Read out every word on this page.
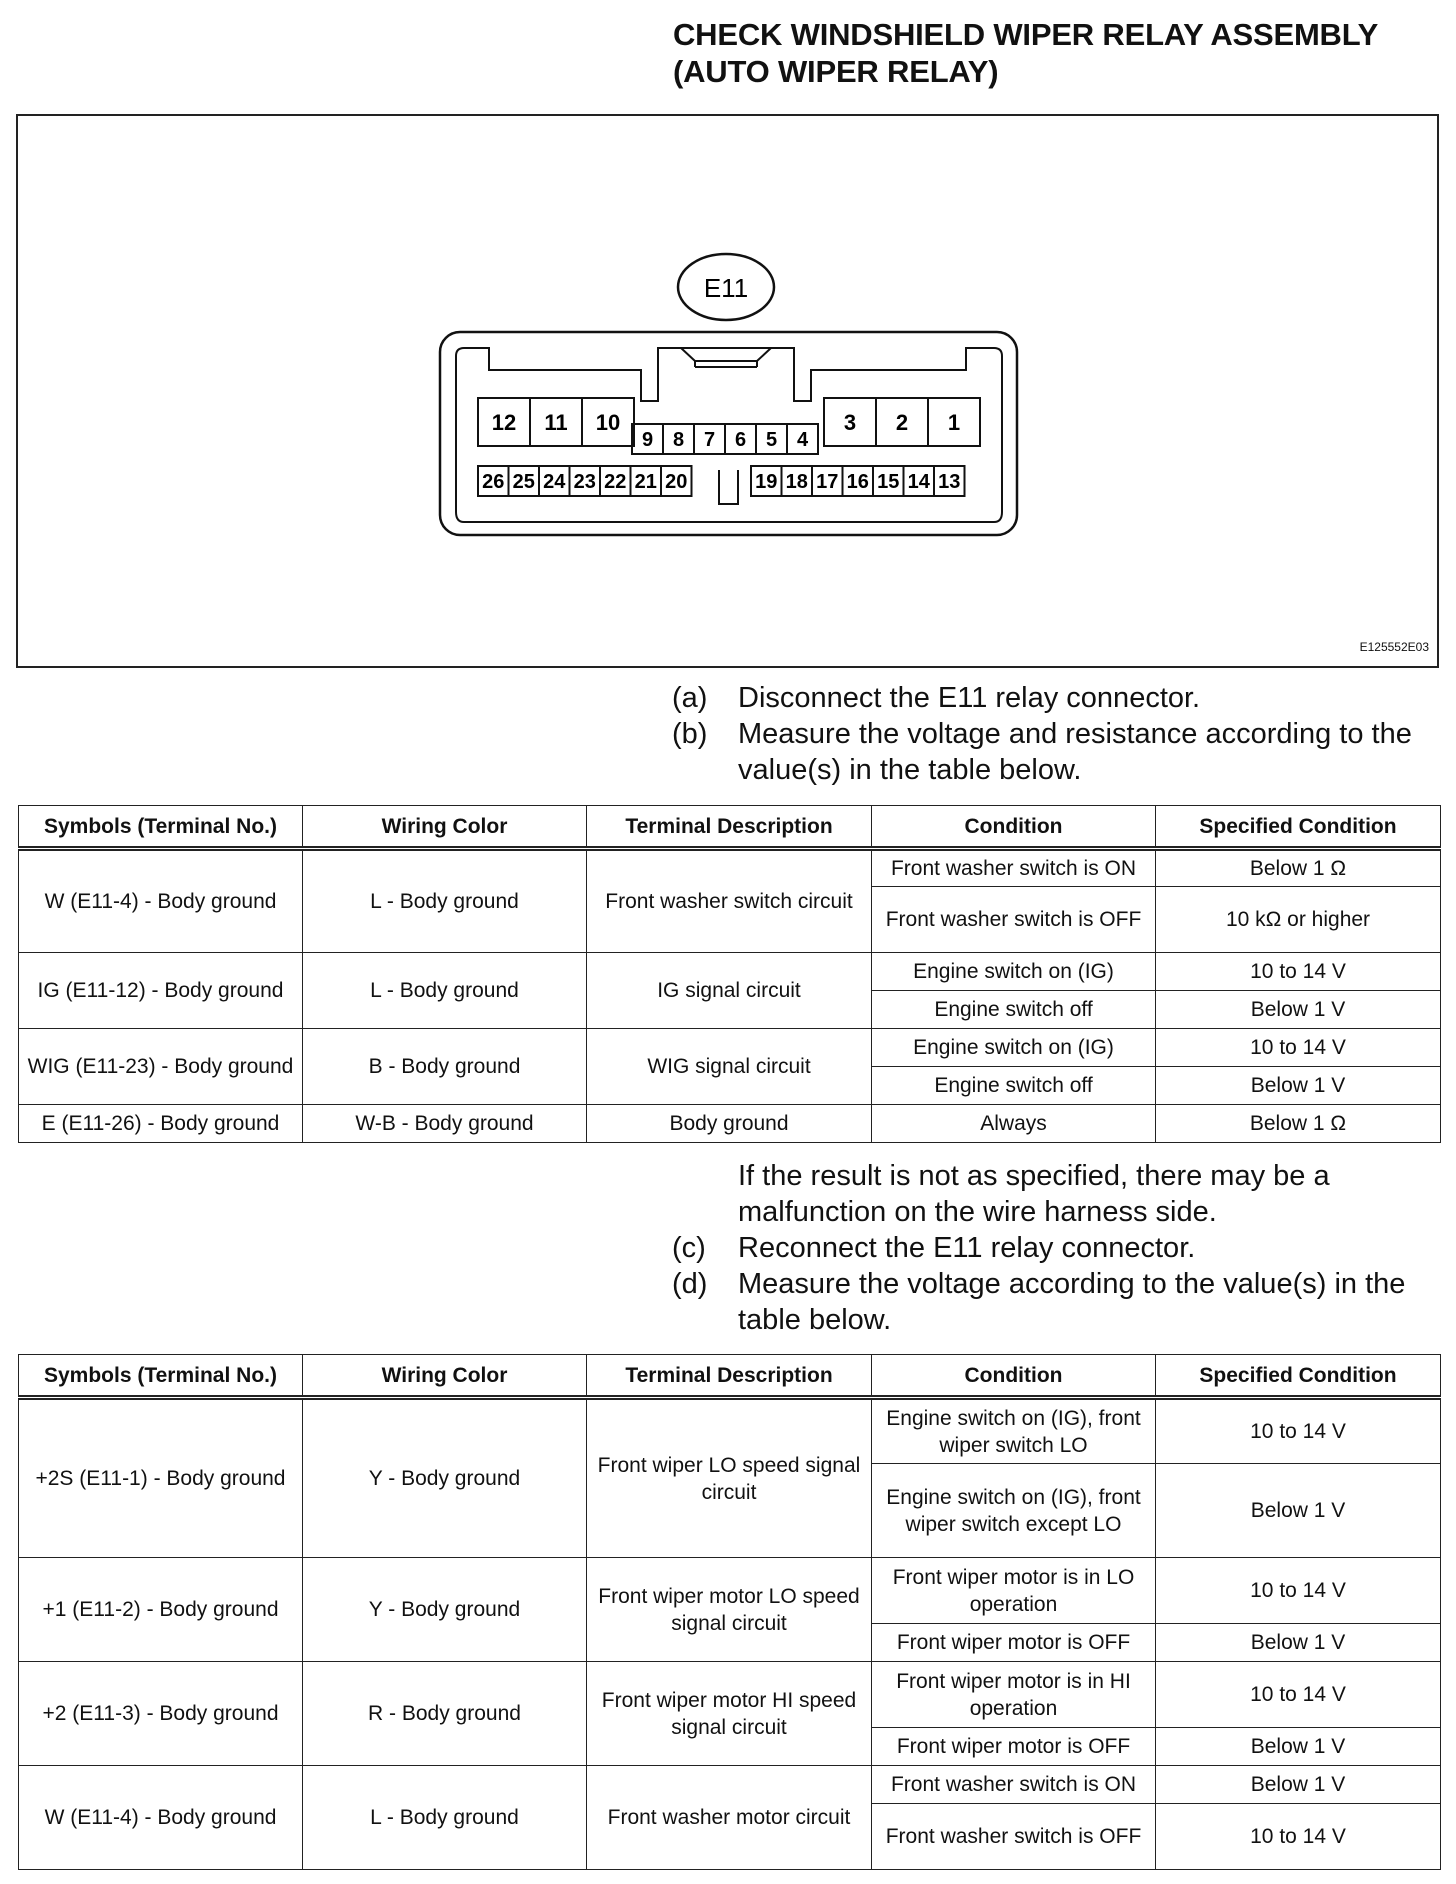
CHECK WINDSHIELD WIPER RELAY ASSEMBLY
(AUTO WIPER RELAY)
E11
12 11 10
9 8 7 6 5 4
3 2 1
26 25 24 23 22 21 20	19 18 17 16 15 14 13
E125552E03
(a)	Disconnect the E11 relay connector.
(b)	Measure the voltage and resistance according to the value(s) in the table below.
Symbols (Terminal No.)	Wiring Color	Terminal Description	Condition	Specified Condition
W (E11-4) - Body ground	L - Body ground	Front washer switch circuit	Front washer switch is ON	Below 1 Ω
			Front washer switch is OFF	10 kΩ or higher
IG (E11-12) - Body ground	L - Body ground	IG signal circuit	Engine switch on (IG)	10 to 14 V
			Engine switch off	Below 1 V
WIG (E11-23) - Body ground	B - Body ground	WIG signal circuit	Engine switch on (IG)	10 to 14 V
			Engine switch off	Below 1 V
E (E11-26) - Body ground	W-B - Body ground	Body ground	Always	Below 1 Ω
If the result is not as specified, there may be a malfunction on the wire harness side.
(c)	Reconnect the E11 relay connector.
(d)	Measure the voltage according to the value(s) in the table below.
Symbols (Terminal No.)	Wiring Color	Terminal Description	Condition	Specified Condition
+2S (E11-1) - Body ground	Y - Body ground	Front wiper LO speed signal circuit	Engine switch on (IG), front wiper switch LO	10 to 14 V
			Engine switch on (IG), front wiper switch except LO	Below 1 V
+1 (E11-2) - Body ground	Y - Body ground	Front wiper motor LO speed signal circuit	Front wiper motor is in LO operation	10 to 14 V
			Front wiper motor is OFF	Below 1 V
+2 (E11-3) - Body ground	R - Body ground	Front wiper motor HI speed signal circuit	Front wiper motor is in HI operation	10 to 14 V
			Front wiper motor is OFF	Below 1 V
W (E11-4) - Body ground	L - Body ground	Front washer motor circuit	Front washer switch is ON	Below 1 V
			Front washer switch is OFF	10 to 14 V
